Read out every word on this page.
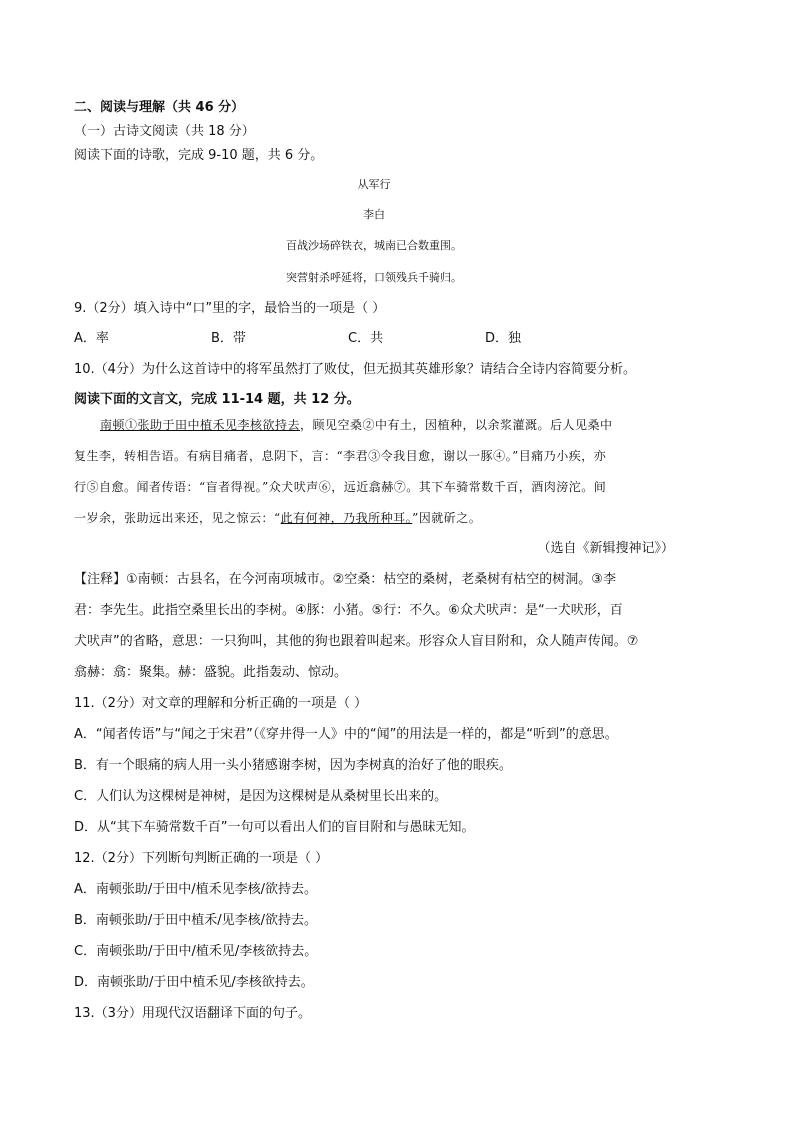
二、阅读与理解（共 46 分）
（一）古诗文阅读（共 18 分）
阅读下面的诗歌，完成 9-10 题，共 6 分。
从军行
李白
百战沙场碎铁衣，城南已合数重围。
突营射杀呼延将，口领残兵千骑归。
9.（2分）填入诗中“口”里的字，最恰当的一项是（ ）
A．率	B．带	C．共	D．独
10.（4分）为什么这首诗中的将军虽然打了败仗，但无损其英雄形象？请结合全诗内容简要分析。
阅读下面的文言文，完成 11-14 题，共 12 分。
南顿①张助于田中植禾见李核欲持去，顾见空桑②中有土，因植种，以余浆灌溉。后人见桑中
复生李，转相告语。有病目痛者，息阴下，言：“李君③令我目愈，谢以一豚④。”目痛乃小疾，亦
行⑤自愈。闻者传语：“盲者得视。”众犬吠声⑥，远近翕赫⑦。其下车骑常数千百，酒肉滂沱。间
一岁余，张助远出来还，见之惊云：“此有何神，乃我所种耳。”因就斫之。
（选自《新辑搜神记》）
【注释】①南顿：古县名，在今河南项城市。②空桑：枯空的桑树，老桑树有枯空的树洞。③李
君：李先生。此指空桑里长出的李树。④豚：小猪。⑤行：不久。⑥众犬吠声：是“一犬吠形，百
犬吠声”的省略，意思：一只狗叫，其他的狗也跟着叫起来。形容众人盲目附和，众人随声传闻。⑦
翕赫：翕：聚集。赫：盛貌。此指轰动、惊动。
11.（2分）对文章的理解和分析正确的一项是（ ）
A．“闻者传语”与“闻之于宋君”（《穿井得一人》中的“闻”的用法是一样的，都是“听到”的意思。
B．有一个眼痛的病人用一头小猪感谢李树，因为李树真的治好了他的眼疾。
C．人们认为这棵树是神树，是因为这棵树是从桑树里长出来的。
D．从“其下车骑常数千百”一句可以看出人们的盲目附和与愚昧无知。
12.（2分）下列断句判断正确的一项是（ ）
A．南顿张助/于田中/植禾见李核/欲持去。
B．南顿张助/于田中植禾/见李核/欲持去。
C．南顿张助/于田中/植禾见/李核欲持去。
D．南顿张助/于田中植禾见/李核欲持去。
13.（3分）用现代汉语翻译下面的句子。
